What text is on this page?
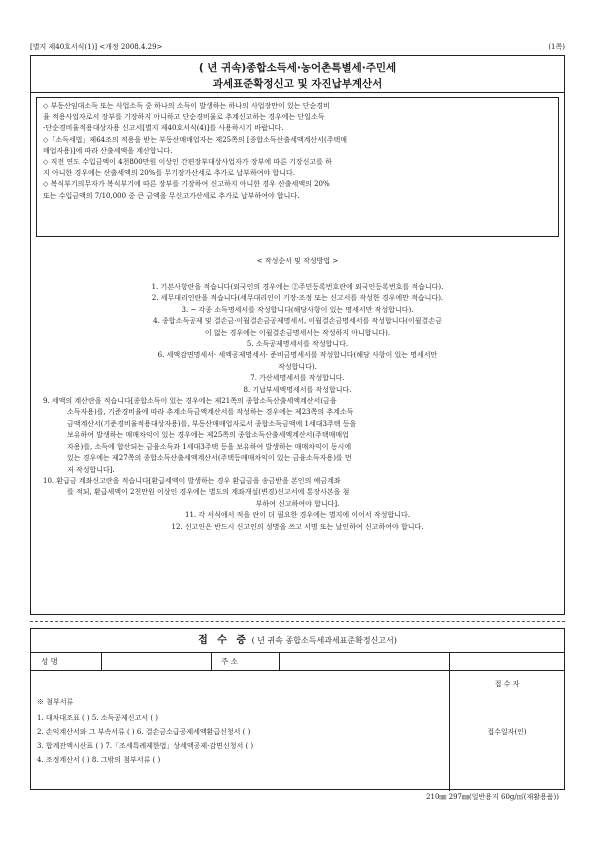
[별지 제40호서식(1)] <개정 2008.4.29>	(1쪽)
( 년 귀속)종합소득세·농어촌특별세·주민세
과세표준확정신고 및 자진납부계산서

◇ 부동산임대소득 또는 사업소득 중 하나의 소득이 발생하는 하나의 사업장만이 있는 단순경비

율 적용사업자로서 장부를 기장하지 아니하고 단순경비율로 추계신고하는 경우에는 단일소득

-단순경비율적용대상자용 신고서[별지 제40호서식(4)]를 사용하시기 바랍니다.

◇「소득세법」제64조의 적용을 받는 부동산매매업자는 제25쪽의 [종합소득산출세액계산서(주택매

매업자용)]에 따라 산출세액을 계산합니다.

◇ 직전 연도 수입금액이 4천800만원 이상인 간편장부대상사업자가 장부에 따른 기장신고를 하

지 아니한 경우에는 산출세액의 20%를 무기장가산세로 추가로 납부하여야 합니다.

◇ 복식부기의무자가 복식부기에 따른 장부를 기장하여 신고하지 아니한 경우 산출세액의 20%

또는 수입금액의 7/10,000 중 큰 금액을 무신고가산세로 추가로 납부하여야 합니다.

< 작성순서 및 작성방법 >

1. 기본사항란을 적습니다(외국인의 경우에는 ②주민등록번호란에 외국인등록번호를 적습니다).

2. 세무대리인란을 적습니다(세무대리인이 기장·조정 또는 신고서를 작성한 경우에만 적습니다).

3. ~ 각종 소득명세서를 작성합니다(해당사항이 있는 명세서만 작성합니다).

4. 종합소득공제 및 결손금·이월결손금공제명세서, 이월결손금명세서를 작성합니다(이월결손금

이 없는 경우에는 이월결손금명세서는 작성하지 아니합니다).

5. 소득공제명세서를 작성합니다.

6. 세액감면명세서· 세액공제명세서· 준비금명세서를 작성합니다(해당 사항이 있는 명세서만

작성합니다).

7. 가산세명세서를 작성합니다.

8. 기납부세액명세서를 작성합니다.

9. 세액의 계산란을 적습니다[종합소득이 있는 경우에는 제21쪽의 종합소득산출세액계산서(금융

소득자용)를, 기준경비율에 따라 추계소득금액계산서를 작성하는 경우에는 제23쪽의 추계소득

금액계산서(기준경비율적용대상자용)를, 부동산매매업자로서 종합소득금액에 1세대3주택 등을

보유하여 발생하는 매매차익이 있는 경우에는 제25쪽의 종합소득산출세액계산서(주택매매업

자용)를, 소득에 합산되는 금융소득과 1세대3주택 등을 보유하여 발생하는 매매차익이 동시에

있는 경우에는 제27쪽의 종합소득산출세액계산서(주택등매매차익이 있는 금융소득자용)를 먼

저 작성합니다].

10. 환급금 계좌신고란을 적습니다[환급세액이 발생하는 경우 환급금을 송금받을 본인의 예금계좌

를 적되, 환급세액이 2천만원 이상인 경우에는 별도의 계좌개설(변경)신고서에 통장사본을 첨

부하여 신고하여야 합니다].

11. 각 서식에서 적을 란이 더 필요한 경우에는 별지에 이어서 작성합니다.

12. 신고인은 반드시 신고인의 성명을 쓰고 서명 또는 날인하여 신고하여야 합니다.

접 수 증 ( 년 귀속 종합소득세과세표준확정신고서)
성 명	주 소
※ 첨부서류
1. 대차대조표 ( ) 5. 소득공제신고서 ( )
2. 손익계산서와 그 부속서류 ( ) 6. 결손금소급공제세액환급신청서 ( )
3. 합계잔액시산표 ( ) 7.「조세특례제한법」상세액공제·감면신청서 ( )
4. 조정계산서 ( ) 8. 그밖의 첨부서류 ( )
접 수 자
접수일자(인)
210㎜ 297㎜(일반용지 60g/㎡(재활용품))
